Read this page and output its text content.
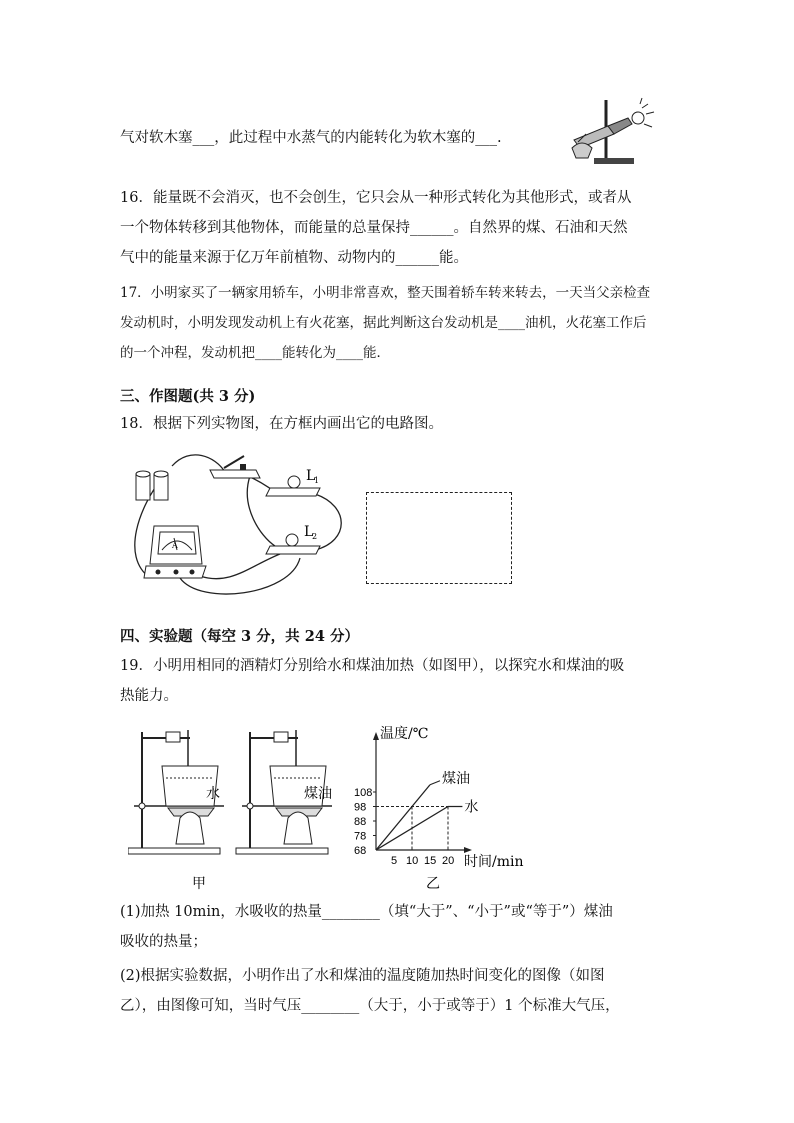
气对软木塞___，此过程中水蒸气的内能转化为软木塞的___.
16．能量既不会消灭，也不会创生，它只会从一种形式转化为其他形式，或者从
一个物体转移到其他物体，而能量的总量保持______。自然界的煤、石油和天然
气中的能量来源于亿万年前植物、动物内的______能。
17．小明家买了一辆家用轿车，小明非常喜欢，整天围着轿车转来转去，一天当父亲检查
发动机时，小明发现发动机上有火花塞，据此判断这台发动机是____油机，火花塞工作后
的一个冲程，发动机把____能转化为____能．
三、作图题(共 3 分)
18．根据下列实物图，在方框内画出它的电路图。
L
1
L
2
A
四、实验题（每空 3 分，共 24 分）
19．小明用相同的酒精灯分别给水和煤油加热（如图甲），以探究水和煤油的吸
热能力。
水	煤油
甲
温度/℃
时间/min
乙
108
98
88
78
68
5 10 15 20
煤油
水
(1)加热 10min，水吸收的热量________（填“大于”、“小于”或“等于”）煤油
吸收的热量；
(2)根据实验数据，小明作出了水和煤油的温度随加热时间变化的图像（如图
乙），由图像可知，当时气压________（大于，小于或等于）1 个标准大气压，
